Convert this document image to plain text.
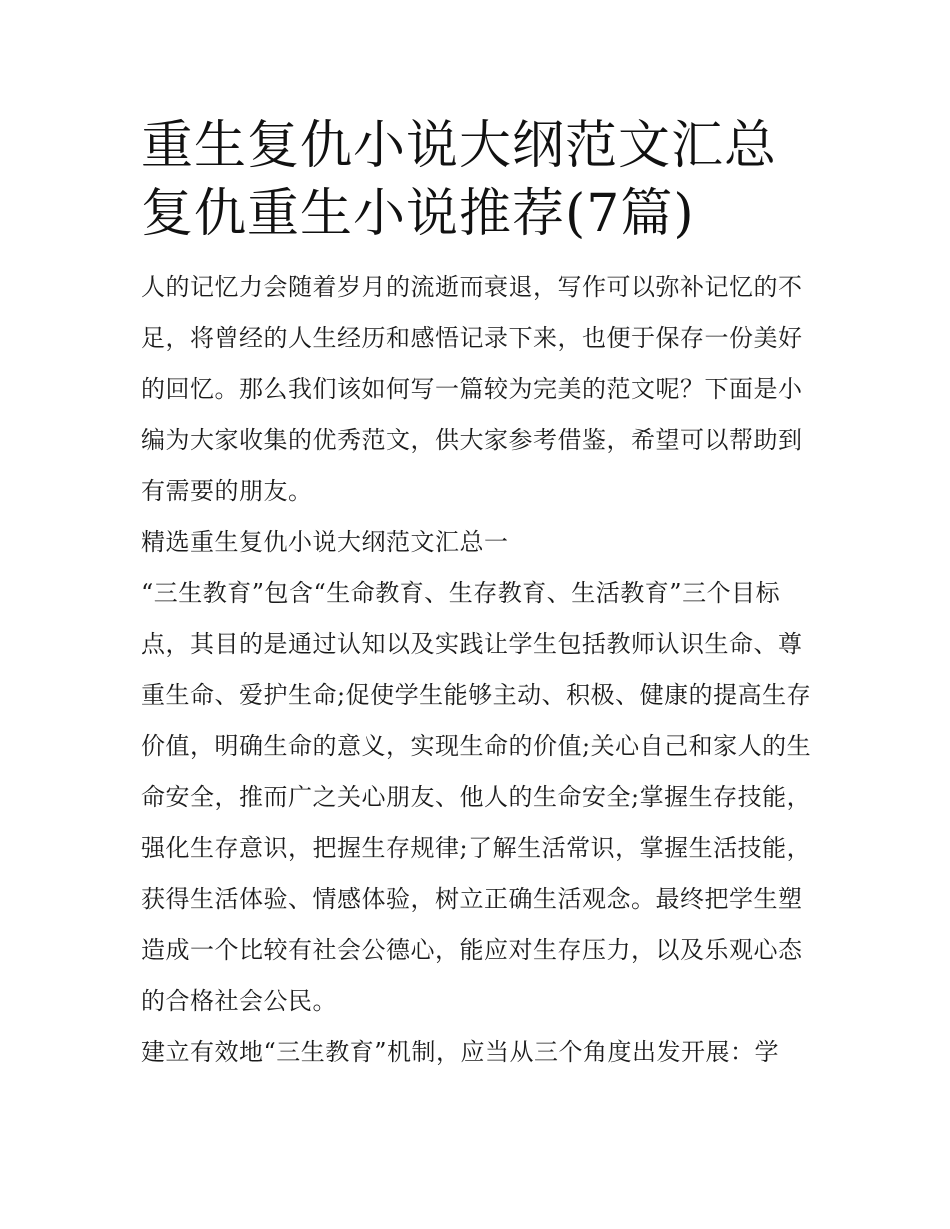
重生复仇小说大纲范文汇总 复仇重生小说推荐(7篇)

人的记忆力会随着岁月的流逝而衰退，写作可以弥补记忆的不足，将曾经的人生经历和感悟记录下来，也便于保存一份美好的回忆。那么我们该如何写一篇较为完美的范文呢？下面是小编为大家收集的优秀范文，供大家参考借鉴，希望可以帮助到有需要的朋友。

精选重生复仇小说大纲范文汇总一

“三生教育”包含“生命教育、生存教育、生活教育”三个目标点，其目的是通过认知以及实践让学生包括教师认识生命、尊重生命、爱护生命;促使学生能够主动、积极、健康的提高生存价值，明确生命的意义，实现生命的价值;关心自己和家人的生命安全，推而广之关心朋友、他人的生命安全;掌握生存技能，强化生存意识，把握生存规律;了解生活常识，掌握生活技能，获得生活体验、情感体验，树立正确生活观念。最终把学生塑造成一个比较有社会公德心，能应对生存压力，以及乐观心态的合格社会公民。

建立有效地“三生教育”机制，应当从三个角度出发开展：学
